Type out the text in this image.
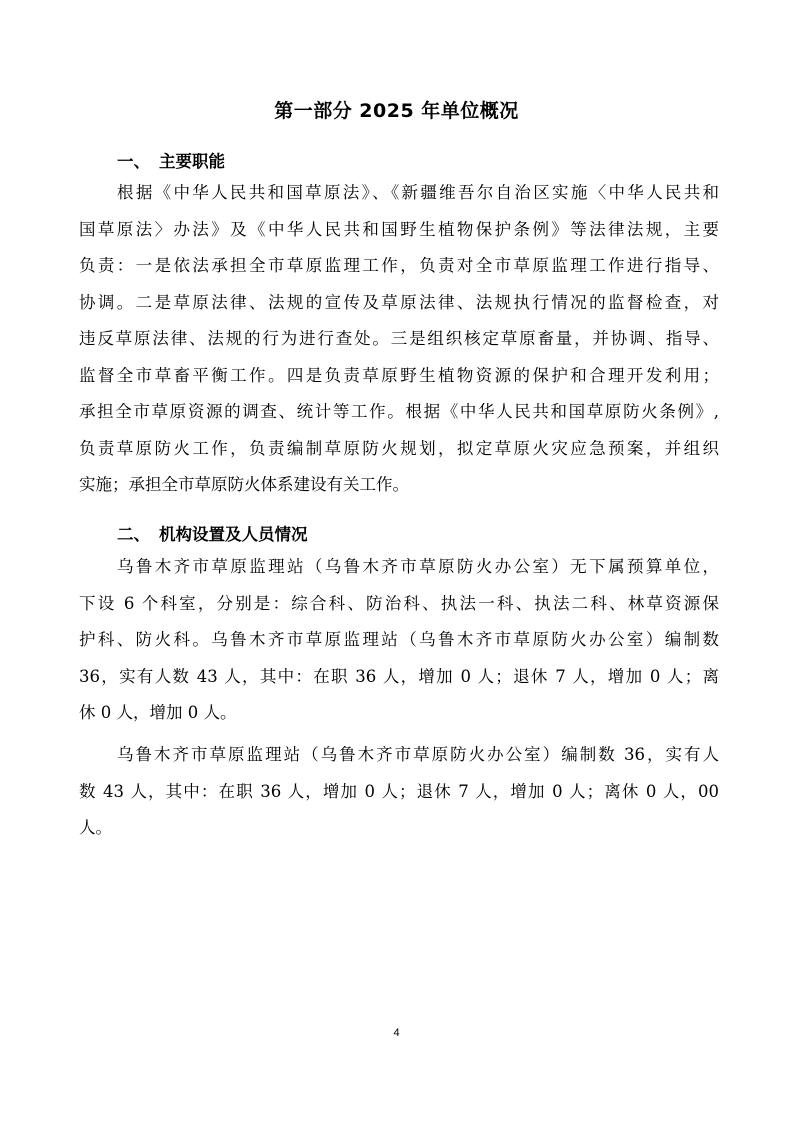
第一部分 2025 年单位概况
一、 主要职能
根据《中华人民共和国草原法》、《新疆维吾尔自治区实施〈中华人民共和
国草原法〉办法》及《中华人民共和国野生植物保护条例》等法律法规，主要
负责：一是依法承担全市草原监理工作，负责对全市草原监理工作进行指导、
协调。二是草原法律、法规的宣传及草原法律、法规执行情况的监督检查，对
违反草原法律、法规的行为进行查处。三是组织核定草原畜量，并协调、指导、
监督全市草畜平衡工作。四是负责草原野生植物资源的保护和合理开发利用；
承担全市草原资源的调查、统计等工作。根据《中华人民共和国草原防火条例》,
负责草原防火工作，负责编制草原防火规划，拟定草原火灾应急预案，并组织
实施；承担全市草原防火体系建设有关工作。
二、 机构设置及人员情况
乌鲁木齐市草原监理站（乌鲁木齐市草原防火办公室）无下属预算单位，
下设 6 个科室，分别是：综合科、防治科、执法一科、执法二科、林草资源保
护科、防火科。乌鲁木齐市草原监理站（乌鲁木齐市草原防火办公室）编制数
36，实有人数 43 人，其中：在职 36 人，增加 0 人；退休 7 人，增加 0 人；离
休 0 人，增加 0 人。
乌鲁木齐市草原监理站（乌鲁木齐市草原防火办公室）编制数 36，实有人
数 43 人，其中：在职 36 人，增加 0 人；退休 7 人，增加 0 人；离休 0 人，00
人。
4
